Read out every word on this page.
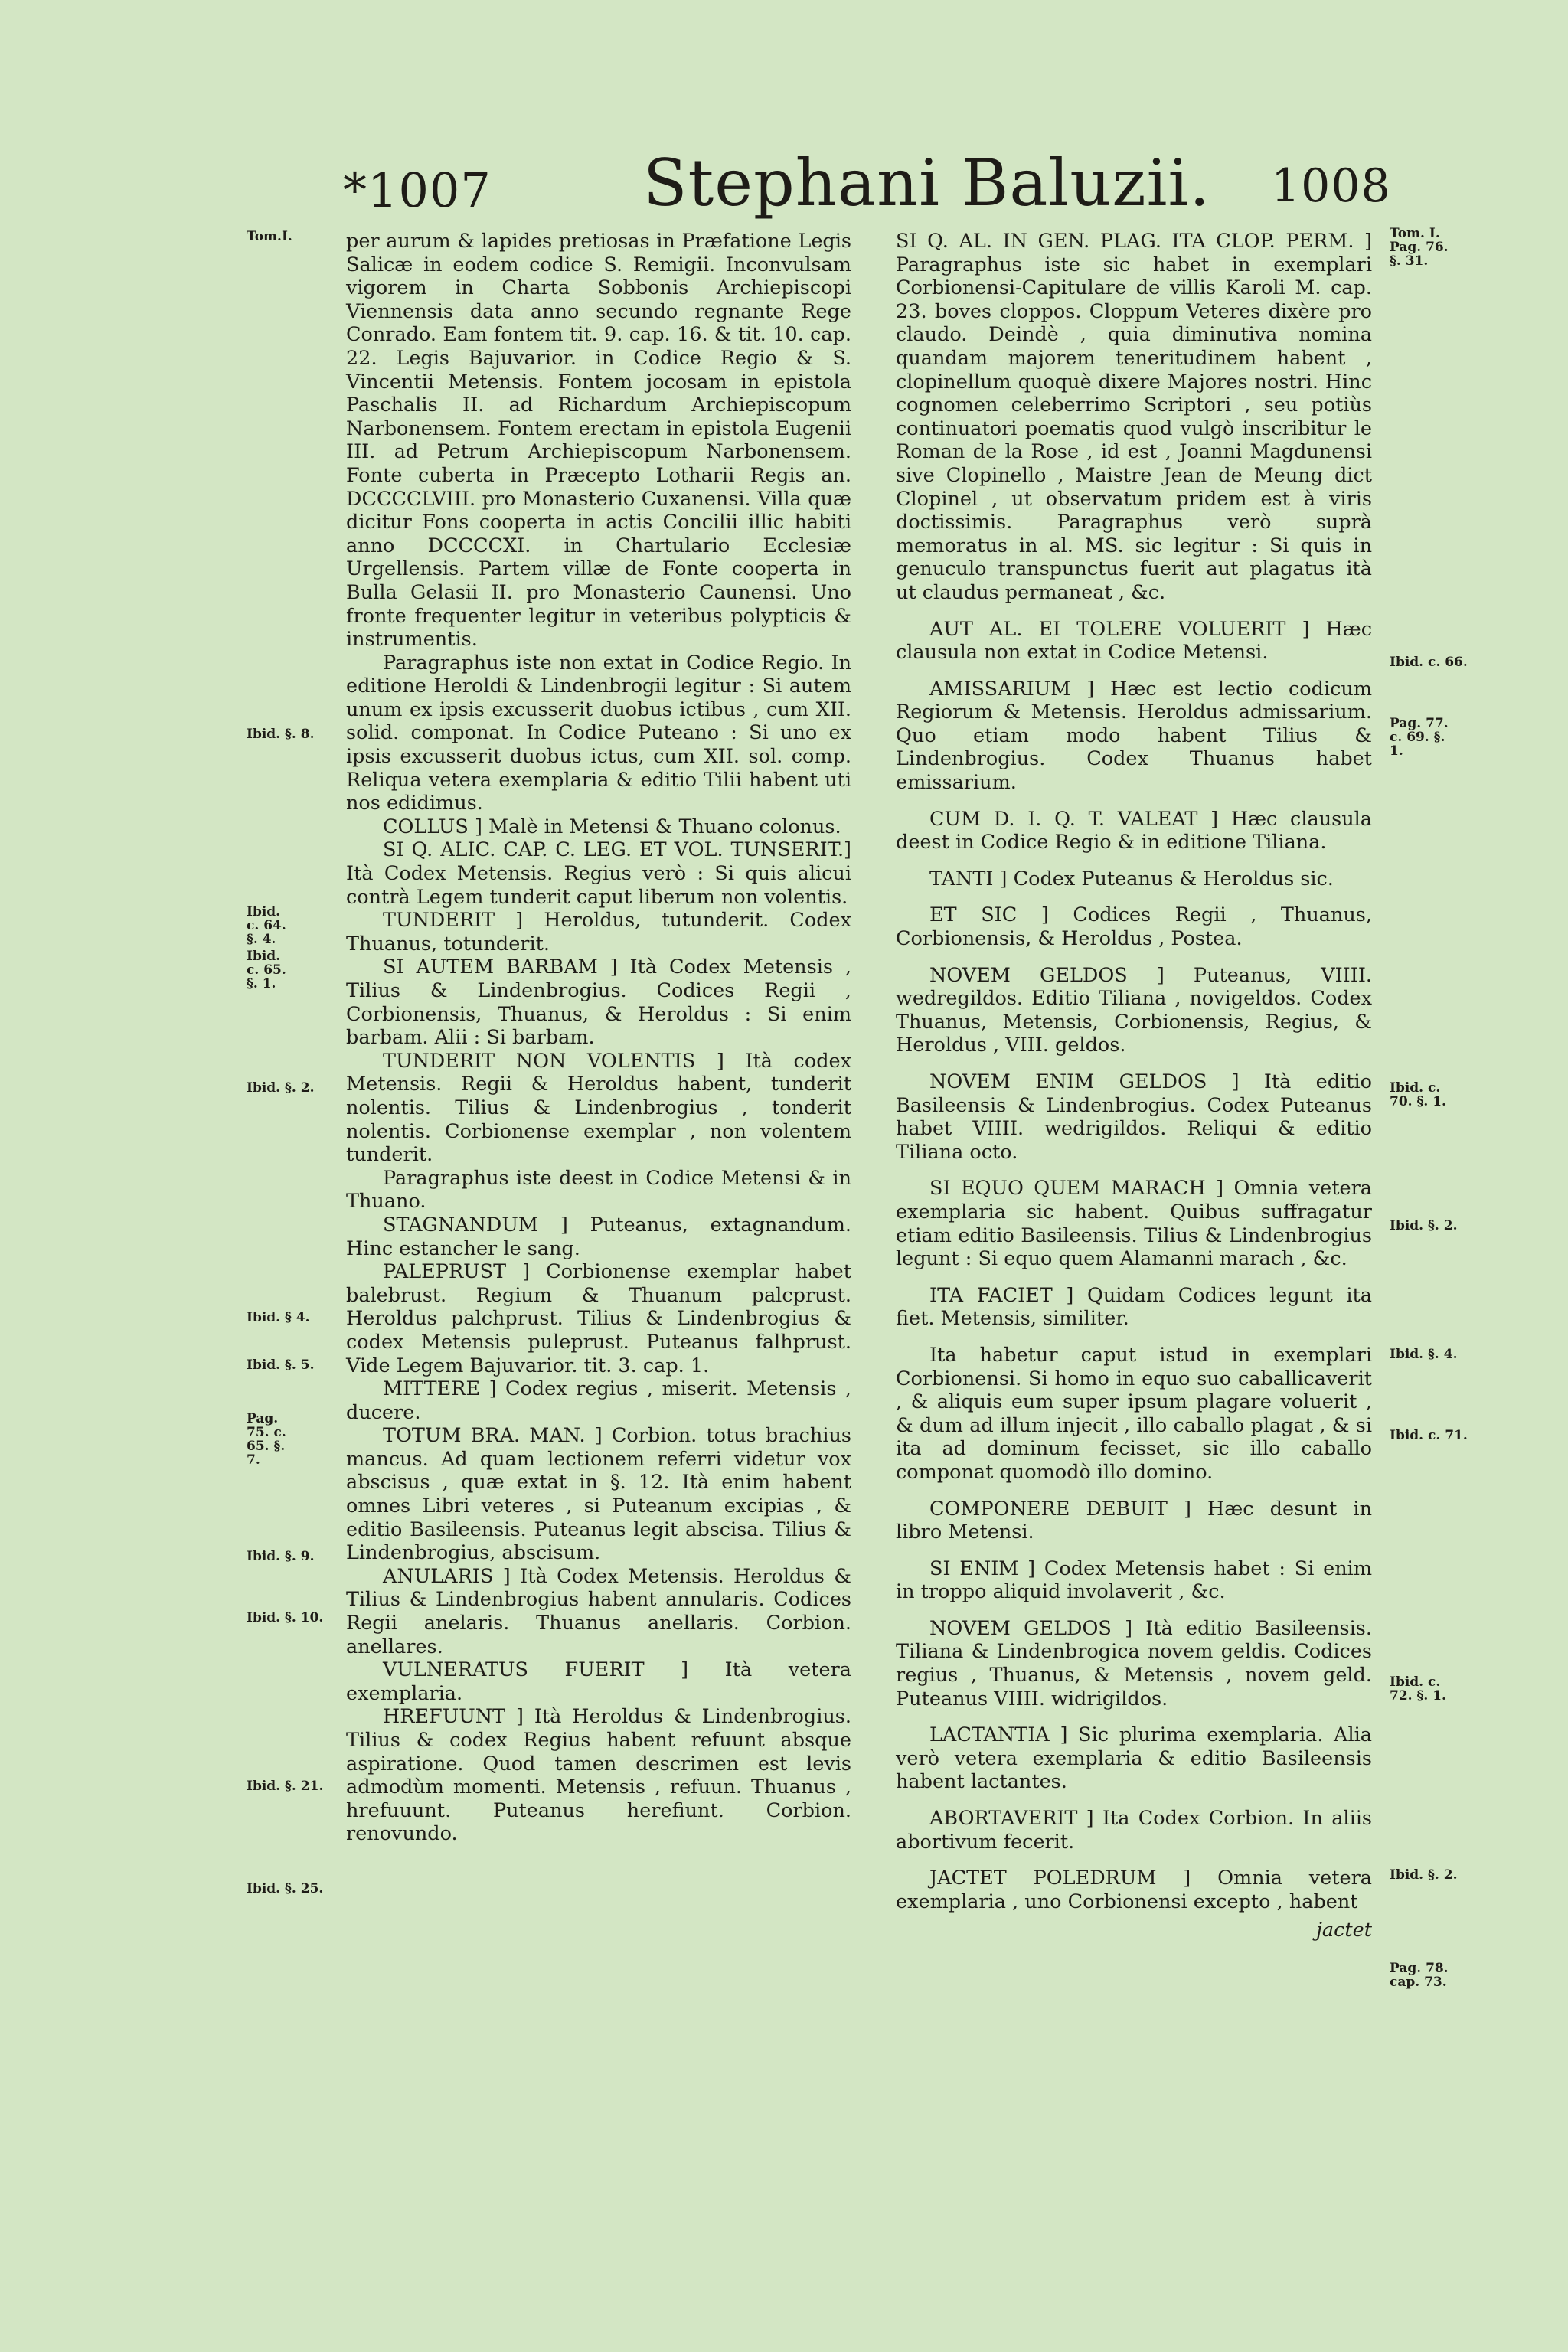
*1007 Stephani Baluzii. 1008
Tom.I.
Ibid. §. 8.
Ibid. c. 64. §. 4.
Ibid. c. 65. §. 1.
Ibid. §. 2.
Ibid. § 4.
Ibid. §. 5.
Pag. 75. c. 65. §. 7.
Ibid. §. 9.
Ibid. §. 10.
Ibid. §. 21.
Ibid. §. 25.

per aurum & lapides pretiosas in Præfatione Legis Salicæ in eodem codice S. Remigii. Inconvulsam vigorem in Charta Sobbonis Archiepiscopi Viennensis data anno secundo regnante Rege Conrado. Eam fontem tit. 9. cap. 16. & tit. 10. cap. 22. Legis Bajuvarior. in Codice Regio & S. Vincentii Metensis. Fontem jocosam in epistola Paschalis II. ad Richardum Archiepiscopum Narbonensem. Fontem erectam in epistola Eugenii III. ad Petrum Archiepiscopum Narbonensem. Fonte cuberta in Præcepto Lotharii Regis an. DCCCCLVIII. pro Monasterio Cuxanensi. Villa quæ dicitur Fons cooperta in actis Concilii illic habiti anno DCCCCXI. in Chartulario Ecclesiæ Urgellensis. Partem villæ de Fonte cooperta in Bulla Gelasii II. pro Monasterio Caunensi. Uno fronte frequenter legitur in veteribus polypticis & instrumentis.

Paragraphus iste non extat in Codice Regio. In editione Heroldi & Lindenbrogii legitur : Si autem unum ex ipsis excusserit duobus ictibus , cum XII. solid. componat. In Codice Puteano : Si uno ex ipsis excusserit duobus ictus, cum XII. sol. comp. Reliqua vetera exemplaria & editio Tilii habent uti nos edidimus.

COLLUS ] Malè in Metensi & Thuano colonus.

SI Q. ALIC. CAP. C. LEG. ET VOL. TUNSERIT.] Ità Codex Metensis. Regius verò : Si quis alicui contrà Legem tunderit caput liberum non volentis.

TUNDERIT ] Heroldus, tutunderit. Codex Thuanus, totunderit.

SI AUTEM BARBAM ] Ità Codex Metensis , Tilius & Lindenbrogius. Codices Regii , Corbionensis, Thuanus, & Heroldus : Si enim barbam. Alii : Si barbam.

TUNDERIT NON VOLENTIS ] Ità codex Metensis. Regii & Heroldus habent, tunderit nolentis. Tilius & Lindenbrogius , tonderit nolentis. Corbionense exemplar , non volentem tunderit.

Paragraphus iste deest in Codice Metensi & in Thuano.

STAGNANDUM ] Puteanus, extagnandum. Hinc estancher le sang.

PALEPRUST ] Corbionense exemplar habet balebrust. Regium & Thuanum palcprust. Heroldus palchprust. Tilius & Lindenbrogius & codex Metensis puleprust. Puteanus falhprust. Vide Legem Bajuvarior. tit. 3. cap. 1.

MITTERE ] Codex regius , miserit. Metensis , ducere.

TOTUM BRA. MAN. ] Corbion. totus brachius mancus. Ad quam lectionem referri videtur vox abscisus , quæ extat in §. 12. Ità enim habent omnes Libri veteres , si Puteanum excipias , & editio Basileensis. Puteanus legit abscisa. Tilius & Lindenbrogius, abscisum.

ANULARIS ] Ità Codex Metensis. Heroldus & Tilius & Lindenbrogius habent annularis. Codices Regii anelaris. Thuanus anellaris. Corbion. anellares.

VULNERATUS FUERIT ] Ità vetera exemplaria.

HREFUUNT ] Ità Heroldus & Lindenbrogius. Tilius & codex Regius habent refuunt absque aspiratione. Quod tamen descrimen est levis admodùm momenti. Metensis , refuun. Thuanus , hrefuuunt. Puteanus herefiunt. Corbion. renovundo.

SI Q. AL. IN GEN. PLAG. ITA CLOP. PERM. ] Paragraphus iste sic habet in exemplari Corbionensi-Capitulare de villis Karoli M. cap. 23. boves cloppos. Cloppum Veteres dixère pro claudo. Deindè , quia diminutiva nomina quandam majorem teneritudinem habent , clopinellum quoquè dixere Majores nostri. Hinc cognomen celeberrimo Scriptori , seu potiùs continuatori poematis quod vulgò inscribitur le Roman de la Rose , id est , Joanni Magdunensi sive Clopinello , Maistre Jean de Meung dict Clopinel , ut observatum pridem est à viris doctissimis. Paragraphus verò suprà memoratus in al. MS. sic legitur : Si quis in genuculo transpunctus fuerit aut plagatus ità ut claudus permaneat , &c.

AUT AL. EI TOLERE VOLUERIT ] Hæc clausula non extat in Codice Metensi.

AMISSARIUM ] Hæc est lectio codicum Regiorum & Metensis. Heroldus admissarium. Quo etiam modo habent Tilius & Lindenbrogius. Codex Thuanus habet emissarium.

CUM D. I. Q. T. VALEAT ] Hæc clausula deest in Codice Regio & in editione Tiliana.

TANTI ] Codex Puteanus & Heroldus sic.

ET SIC ] Codices Regii , Thuanus, Corbionensis, & Heroldus , Postea.

NOVEM GELDOS ] Puteanus, VIIII. wedregildos. Editio Tiliana , novigeldos. Codex Thuanus, Metensis, Corbionensis, Regius, & Heroldus , VIII. geldos.

NOVEM ENIM GELDOS ] Ità editio Basileensis & Lindenbrogius. Codex Puteanus habet VIIII. wedrigildos. Reliqui & editio Tiliana octo.

SI EQUO QUEM MARACH ] Omnia vetera exemplaria sic habent. Quibus suffragatur etiam editio Basileensis. Tilius & Lindenbrogius legunt : Si equo quem Alamanni marach , &c.

ITA FACIET ] Quidam Codices legunt ita fiet. Metensis, similiter.

Ita habetur caput istud in exemplari Corbionensi. Si homo in equo suo caballicaverit , & aliquis eum super ipsum plagare voluerit , & dum ad illum injecit , illo caballo plagat , & si ita ad dominum fecisset, sic illo caballo componat quomodò illo domino.

COMPONERE DEBUIT ] Hæc desunt in libro Metensi.

SI ENIM ] Codex Metensis habet : Si enim in troppo aliquid involaverit , &c.

NOVEM GELDOS ] Ità editio Basileensis. Tiliana & Lindenbrogica novem geldis. Codices regius , Thuanus, & Metensis , novem geld. Puteanus VIIII. widrigildos.

LACTANTIA ] Sic plurima exemplaria. Alia verò vetera exemplaria & editio Basileensis habent lactantes.

ABORTAVERIT ] Ita Codex Corbion. In aliis abortivum fecerit.

JACTET POLEDRUM ] Omnia vetera exemplaria , uno Corbionensi excepto , habent

jactet

Tom. I. Pag. 76. §. 31.
Ibid. c. 66.
Pag. 77. c. 69. §. 1.
Ibid. c. 70. §. 1.
Ibid. §. 2.
Ibid. §. 4.
Ibid. c. 71.
Ibid. c. 72. §. 1.
Ibid. §. 2.
Pag. 78. cap. 73.
